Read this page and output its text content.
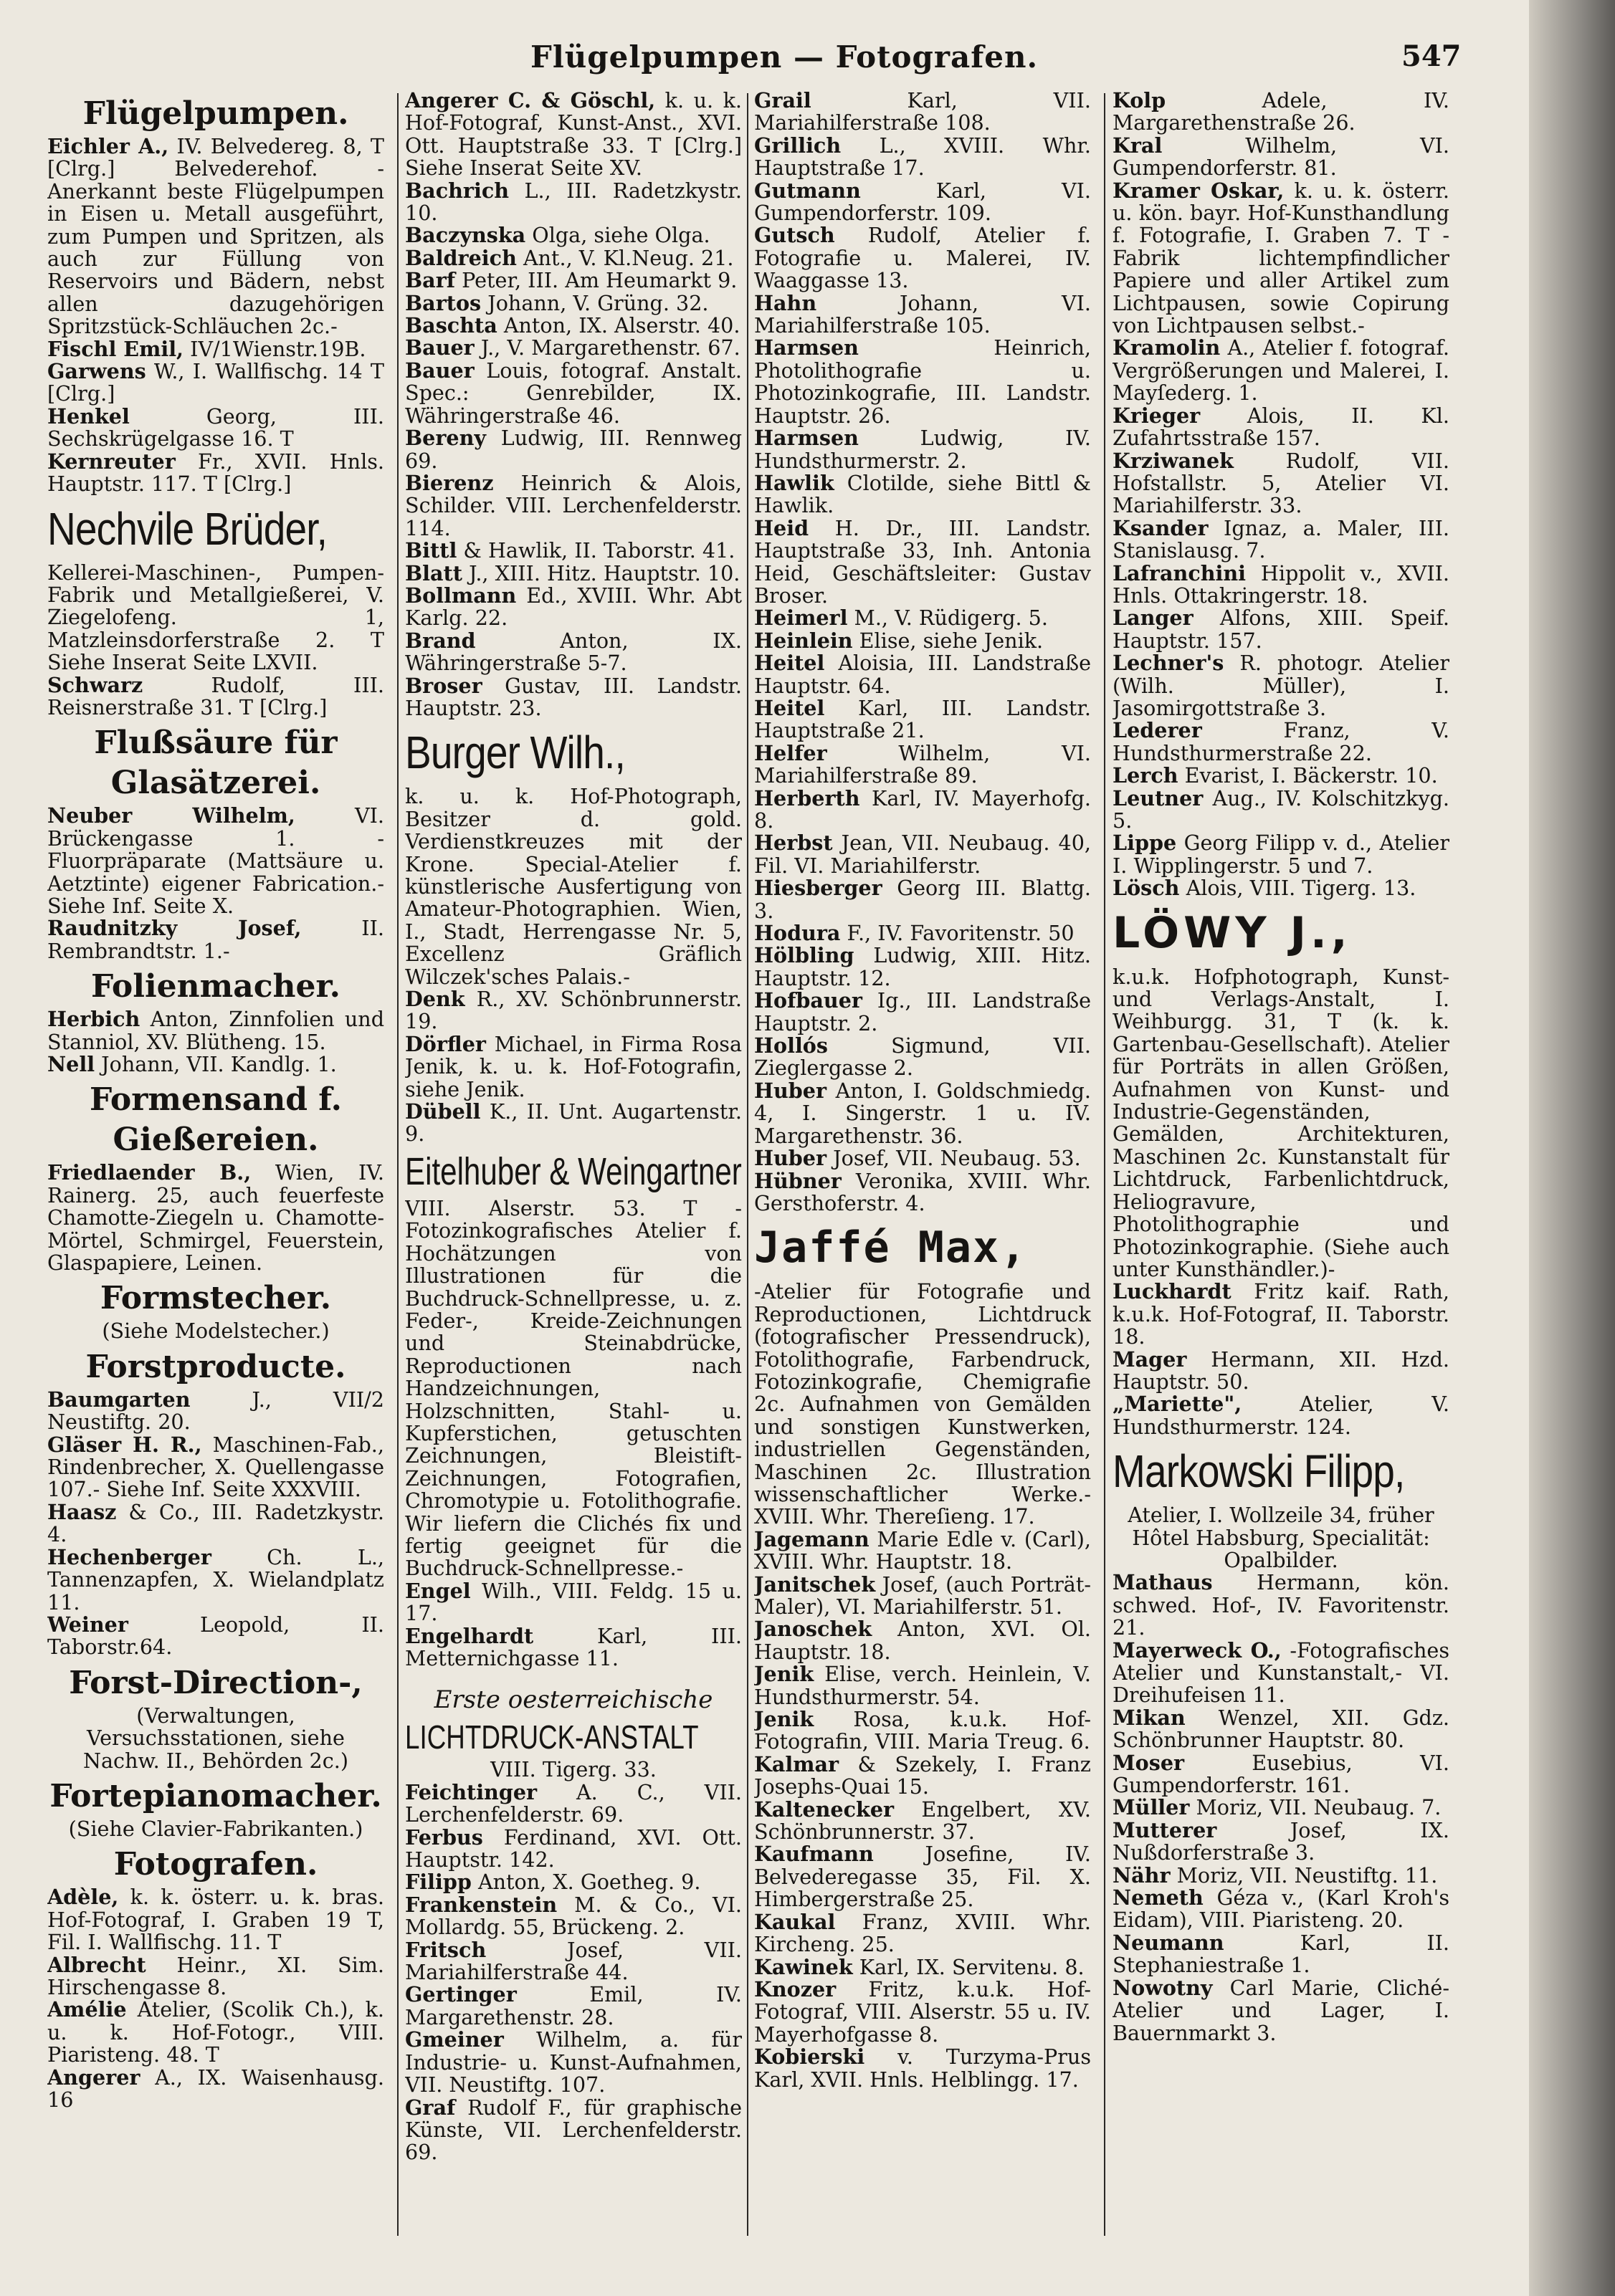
Flügelpumpen — Fotografen.	547
Flügelpumpen.

Eichler A., IV. Belvedereg. 8, T [Clrg.] Belvederehof. -Anerkannt beste Flügelpumpen in Eisen u. Metall ausgeführt, zum Pumpen und Spritzen, als auch zur Füllung von Reservoirs und Bädern, nebst allen dazugehörigen Spritzstück-Schläuchen 2c.-

Fischl Emil, IV/1Wienstr.19B.

Garwens W., I. Wallfischg. 14 T [Clrg.]

Henkel Georg, III. Sechskrügelgasse 16. T

Kernreuter Fr., XVII. Hnls. Hauptstr. 117. T [Clrg.]

Nechvile Brüder,
Kellerei-Maschinen-, Pumpen-Fabrik und Metallgießerei, V. Ziegelofeng. 1, Matzleinsdorferstraße 2. T Siehe Inserat Seite LXVII.

Schwarz Rudolf, III. Reisnerstraße 31. T [Clrg.]

Flußsäure für Glasätzerei.

Neuber Wilhelm, VI. Brückengasse 1. -Fluorpräparate (Mattsäure u. Aetztinte) eigener Fabrication.- Siehe Inf. Seite X.

Raudnitzky Josef, II. Rembrandtstr. 1.-

Folienmacher.

Herbich Anton, Zinnfolien und Stanniol, XV. Blütheng. 15.

Nell Johann, VII. Kandlg. 1.

Formensand f. Gießereien.

Friedlaender B., Wien, IV. Rainerg. 25, auch feuerfeste Chamotte-Ziegeln u. Chamotte-Mörtel, Schmirgel, Feuerstein, Glaspapiere, Leinen.

Formstecher.
(Siehe Modelstecher.)
Forstproducte.

Baumgarten J., VII/2 Neustiftg. 20.

Gläser H. R., Maschinen-Fab., Rindenbrecher, X. Quellengasse 107.- Siehe Inf. Seite XXXVIII.

Haasz & Co., III. Radetzkystr. 4.

Hechenberger Ch. L., Tannenzapfen, X. Wielandplatz 11.

Weiner Leopold, II. Taborstr.64.

Forst-Direction-,
(Verwaltungen, Versuchsstationen, siehe Nachw. II., Behörden 2c.)
Fortepianomacher.
(Siehe Clavier-Fabrikanten.)
Fotografen.

Adèle, k. k. österr. u. k. bras. Hof-Fotograf, I. Graben 19 T, Fil. I. Wallfischg. 11. T

Albrecht Heinr., XI. Sim. Hirschengasse 8.

Amélie Atelier, (Scolik Ch.), k. u. k. Hof-Fotogr., VIII. Piaristeng. 48. T

Angerer A., IX. Waisenhausg. 16

Angerer C. & Göschl, k. u. k. Hof-Fotograf, Kunst-Anst., XVI. Ott. Hauptstraße 33. T [Clrg.] Siehe Inserat Seite XV.

Bachrich L., III. Radetzkystr. 10.

Baczynska Olga, siehe Olga.

Baldreich Ant., V. Kl.Neug. 21.

Barf Peter, III. Am Heumarkt 9.

Bartos Johann, V. Grüng. 32.

Baschta Anton, IX. Alserstr. 40.

Bauer J., V. Margarethenstr. 67.

Bauer Louis, fotograf. Anstalt. Spec.: Genrebilder, IX. Währingerstraße 46.

Bereny Ludwig, III. Rennweg 69.

Bierenz Heinrich & Alois, Schilder. VIII. Lerchenfelderstr. 114.

Bittl & Hawlik, II. Taborstr. 41.

Blatt J., XIII. Hitz. Hauptstr. 10.

Bollmann Ed., XVIII. Whr. Abt Karlg. 22.

Brand Anton, IX. Währingerstraße 5-7.

Broser Gustav, III. Landstr. Hauptstr. 23.

Burger Wilh.,
k. u. k. Hof-Photograph, Besitzer d. gold. Verdienstkreuzes mit der Krone. Special-Atelier f. künstlerische Ausfertigung von Amateur-Photographien. Wien, I., Stadt, Herrengasse Nr. 5, Excellenz Gräflich Wilczek'sches Palais.-

Denk R., XV. Schönbrunnerstr. 19.

Dörfler Michael, in Firma Rosa Jenik, k. u. k. Hof-Fotografin, siehe Jenik.

Dübell K., II. Unt. Augartenstr. 9.

Eitelhuber & Weingartner
VIII. Alserstr. 53. T -Fotozinkografisches Atelier f. Hochätzungen von Illustrationen für die Buchdruck-Schnellpresse, u. z. Feder-, Kreide-Zeichnungen und Steinabdrücke, Reproductionen nach Handzeichnungen, Holzschnitten, Stahl- u. Kupferstichen, getuschten Zeichnungen, Bleistift-Zeichnungen, Fotografien, Chromotypie u. Fotolithografie. Wir liefern die Clichés fix und fertig geeignet für die Buchdruck-Schnellpresse.-

Engel Wilh., VIII. Feldg. 15 u. 17.

Engelhardt Karl, III. Metternichgasse 11.

Erste oesterreichische
LICHTDRUCK-ANSTALT
VIII. Tigerg. 33.

Feichtinger A. C., VII. Lerchenfelderstr. 69.

Ferbus Ferdinand, XVI. Ott. Hauptstr. 142.

Filipp Anton, X. Goetheg. 9.

Frankenstein M. & Co., VI. Mollardg. 55, Brückeng. 2.

Fritsch Josef, VII. Mariahilferstraße 44.

Gertinger Emil, IV. Margarethenstr. 28.

Gmeiner Wilhelm, a. für Industrie- u. Kunst-Aufnahmen, VII. Neustiftg. 107.

Graf Rudolf F., für graphische Künste, VII. Lerchenfelderstr. 69.

Grail Karl, VII. Mariahilferstraße 108.

Grillich L., XVIII. Whr. Hauptstraße 17.

Gutmann Karl, VI. Gumpendorferstr. 109.

Gutsch Rudolf, Atelier f. Fotografie u. Malerei, IV. Waaggasse 13.

Hahn Johann, VI. Mariahilferstraße 105.

Harmsen Heinrich, Photolithografie u. Photozinkografie, III. Landstr. Hauptstr. 26.

Harmsen Ludwig, IV. Hundsthurmerstr. 2.

Hawlik Clotilde, siehe Bittl & Hawlik.

Heid H. Dr., III. Landstr. Hauptstraße 33, Inh. Antonia Heid, Geschäftsleiter: Gustav Broser.

Heimerl M., V. Rüdigerg. 5.

Heinlein Elise, siehe Jenik.

Heitel Aloisia, III. Landstraße Hauptstr. 64.

Heitel Karl, III. Landstr. Hauptstraße 21.

Helfer Wilhelm, VI. Mariahilferstraße 89.

Herberth Karl, IV. Mayerhofg. 8.

Herbst Jean, VII. Neubaug. 40, Fil. VI. Mariahilferstr.

Hiesberger Georg III. Blattg. 3.

Hodura F., IV. Favoritenstr. 50

Hölbling Ludwig, XIII. Hitz. Hauptstr. 12.

Hofbauer Ig., III. Landstraße Hauptstr. 2.

Hollós Sigmund, VII. Zieglergasse 2.

Huber Anton, I. Goldschmiedg. 4, I. Singerstr. 1 u. IV. Margarethenstr. 36.

Huber Josef, VII. Neubaug. 53.

Hübner Veronika, XVIII. Whr. Gersthoferstr. 4.

Jaffé Max,
-Atelier für Fotografie und Reproductionen, Lichtdruck (fotografischer Pressendruck), Fotolithografie, Farbendruck, Fotozinkografie, Chemigrafie 2c. Aufnahmen von Gemälden und sonstigen Kunstwerken, industriellen Gegenständen, Maschinen 2c. Illustration wissenschaftlicher Werke.- XVIII. Whr. Thereſieng. 17.

Jagemann Marie Edle v. (Carl), XVIII. Whr. Hauptstr. 18.

Janitschek Josef, (auch Porträt-Maler), VI. Mariahilferstr. 51.

Janoschek Anton, XVI. Ol. Hauptstr. 18.

Jenik Elise, verch. Heinlein, V. Hundsthurmerstr. 54.

Jenik Rosa, k.u.k. Hof-Fotografin, VIII. Maria Treug. 6.

Kalmar & Szekely, I. Franz Josephs-Quai 15.

Kaltenecker Engelbert, XV. Schönbrunnerstr. 37.

Kaufmann Josefine, IV. Belvederegasse 35, Fil. X. Himbergerstraße 25.

Kaukal Franz, XVIII. Whr. Kircheng. 25.

Kawinek Karl, IX. Servitenꞟ. 8.

Knozer Fritz, k.u.k. Hof-Fotograf, VIII. Alserstr. 55 u. IV. Mayerhofgasse 8.

Kobierski v. Turzyma-Prus Karl, XVII. Hnls. Helblingg. 17.

Kolp Adele, IV. Margarethenstraße 26.

Kral Wilhelm, VI. Gumpendorferstr. 81.

Kramer Oskar, k. u. k. österr. u. kön. bayr. Hof-Kunsthandlung f. Fotografie, I. Graben 7. T -Fabrik lichtempfindlicher Papiere und aller Artikel zum Lichtpausen, sowie Copirung von Lichtpausen selbst.-

Kramolin A., Atelier f. fotograf. Vergrößerungen und Malerei, I. Mayſederg. 1.

Krieger Alois, II. Kl. Zufahrtsstraße 157.

Krziwanek Rudolf, VII. Hofstallstr. 5, Atelier VI. Mariahilferstr. 33.

Ksander Ignaz, a. Maler, III. Stanislausg. 7.

Lafranchini Hippolit v., XVII. Hnls. Ottakringerstr. 18.

Langer Alfons, XIII. Speif. Hauptstr. 157.

Lechner's R. photogr. Atelier (Wilh. Müller), I. Jasomirgottstraße 3.

Lederer Franz, V. Hundsthurmerstraße 22.

Lerch Evarist, I. Bäckerstr. 10.

Leutner Aug., IV. Kolschitzkyg. 5.

Lippe Georg Filipp v. d., Atelier I. Wipplingerstr. 5 und 7.

Lösch Alois, VIII. Tigerg. 13.

LÖWY J.,
k.u.k. Hofphotograph, Kunst- und Verlags-Anstalt, I. Weihburgg. 31, T (k. k. Gartenbau-Gesellschaft). Atelier für Porträts in allen Größen, Aufnahmen von Kunst- und Industrie-Gegenständen, Gemälden, Architekturen, Maschinen 2c. Kunstanstalt für Lichtdruck, Farbenlichtdruck, Heliogravure, Photolithographie und Photozinkographie. (Siehe auch unter Kunsthändler.)-

Luckhardt Fritz kaif. Rath, k.u.k. Hof-Fotograf, II. Taborstr. 18.

Mager Hermann, XII. Hzd. Hauptstr. 50.

„Mariette", Atelier, V. Hundsthurmerstr. 124.

Markowski Filipp,
Atelier, I. Wollzeile 34, früher Hôtel Habsburg, Specialität: Opalbilder.

Mathaus Hermann, kön. schwed. Hof-, IV. Favoritenstr. 21.

Mayerweck O., -Fotografisches Atelier und Kunstanstalt,- VI. Dreihufeisen 11.

Mikan Wenzel, XII. Gdz. Schönbrunner Hauptstr. 80.

Moser Eusebius, VI. Gumpendorferstr. 161.

Müller Moriz, VII. Neubaug. 7.

Mutterer Josef, IX. Nußdorferstraße 3.

Nähr Moriz, VII. Neustiftg. 11.

Nemeth Géza v., (Karl Kroh's Eidam), VIII. Piaristeng. 20.

Neumann Karl, II. Stephaniestraße 1.

Nowotny Carl Marie, Cliché-Atelier und Lager, I. Bauernmarkt 3.
